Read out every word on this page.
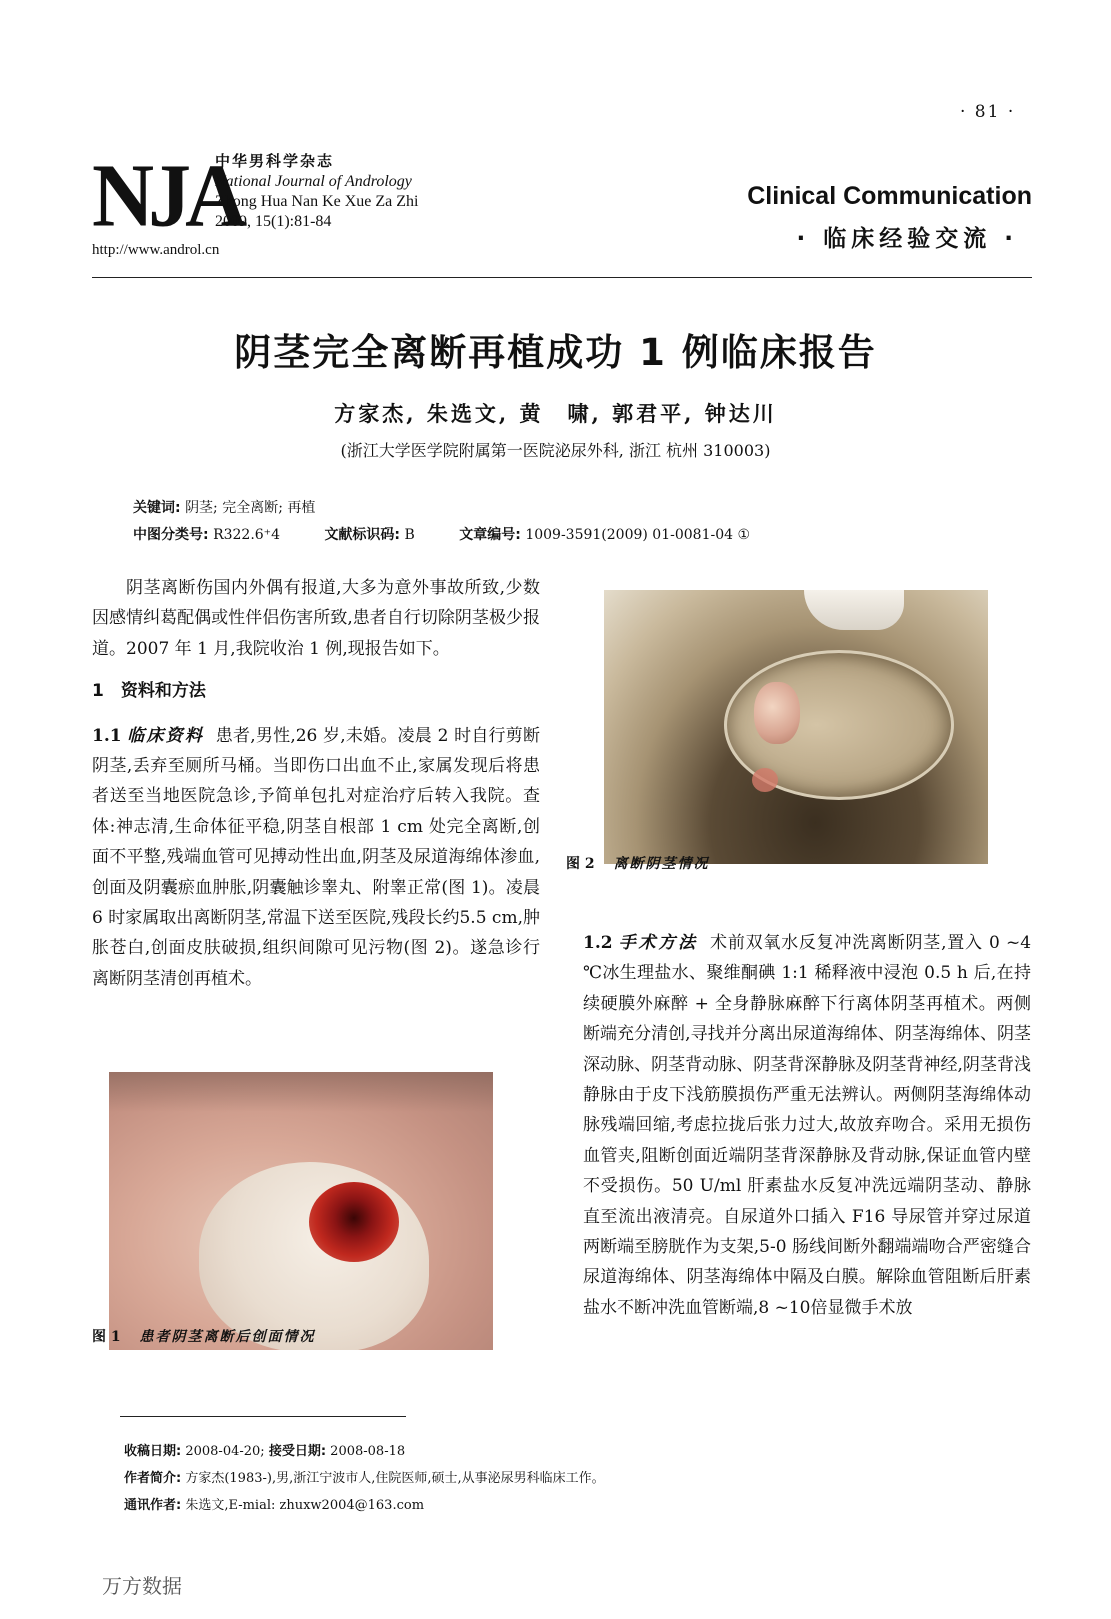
· 81 ·
NJA
中华男科学杂志
National Journal of Andrology
Zhong Hua Nan Ke Xue Za Zhi
2009, 15(1):81-84
http://www.androl.cn
Clinical Communication
· 临床经验交流 ·
阴茎完全离断再植成功 1 例临床报告
方家杰, 朱选文, 黄　啸, 郭君平, 钟达川
(浙江大学医学院附属第一医院泌尿外科, 浙江 杭州 310003)
关键词: 阴茎; 完全离断; 再植
中图分类号: R322.6⁺4	文献标识码: B	文章编号: 1009-3591(2009) 01-0081-04 ①

阴茎离断伤国内外偶有报道,大多为意外事故所致,少数因感情纠葛配偶或性伴侣伤害所致,患者自行切除阴茎极少报道。2007 年 1 月,我院收治 1 例,现报告如下。

1　资料和方法

1.1 临床资料 患者,男性,26 岁,未婚。凌晨 2 时自行剪断阴茎,丢弃至厕所马桶。当即伤口出血不止,家属发现后将患者送至当地医院急诊,予简单包扎对症治疗后转入我院。查体:神志清,生命体征平稳,阴茎自根部 1 cm 处完全离断,创面不平整,残端血管可见搏动性出血,阴茎及尿道海绵体渗血,创面及阴囊瘀血肿胀,阴囊触诊睾丸、附睾正常(图 1)。凌晨 6 时家属取出离断阴茎,常温下送至医院,残段长约5.5 cm,肿胀苍白,创面皮肤破损,组织间隙可见污物(图 2)。遂急诊行离断阴茎清创再植术。

图 2 离断阴茎情况

1.2 手术方法 术前双氧水反复冲洗离断阴茎,置入 0 ~4 ℃冰生理盐水、聚维酮碘 1:1 稀释液中浸泡 0.5 h 后,在持续硬膜外麻醉 + 全身静脉麻醉下行离体阴茎再植术。两侧断端充分清创,寻找并分离出尿道海绵体、阴茎海绵体、阴茎深动脉、阴茎背动脉、阴茎背深静脉及阴茎背神经,阴茎背浅静脉由于皮下浅筋膜损伤严重无法辨认。两侧阴茎海绵体动脉残端回缩,考虑拉拢后张力过大,故放弃吻合。采用无损伤血管夹,阻断创面近端阴茎背深静脉及背动脉,保证血管内壁不受损伤。50 U/ml 肝素盐水反复冲洗远端阴茎动、静脉直至流出液清亮。自尿道外口插入 F16 导尿管并穿过尿道两断端至膀胱作为支架,5-0 肠线间断外翻端端吻合严密缝合尿道海绵体、阴茎海绵体中隔及白膜。解除血管阻断后肝素盐水不断冲洗血管断端,8 ~10倍显微手术放

图 1 患者阴茎离断后创面情况
收稿日期: 2008-04-20; 接受日期: 2008-08-18
作者简介: 方家杰(1983-),男,浙江宁波市人,住院医师,硕士,从事泌尿男科临床工作。
通讯作者: 朱选文,E-mial: zhuxw2004@163.com
万方数据
